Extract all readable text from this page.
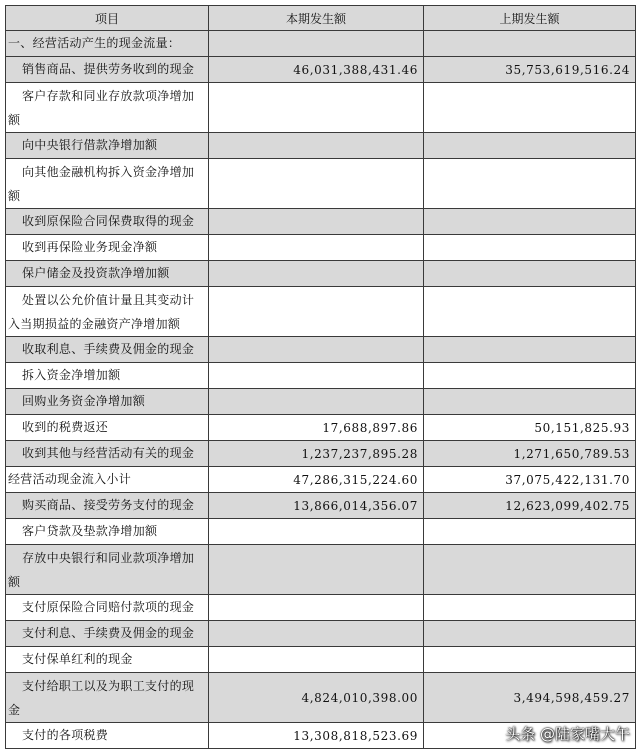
项目	本期发生额	上期发生额
一、经营活动产生的现金流量：		
销售商品、提供劳务收到的现金	46,031,388,431.46	35,753,619,516.24
客户存款和同业存放款项净增加额		
向中央银行借款净增加额		
向其他金融机构拆入资金净增加额		
收到原保险合同保费取得的现金		
收到再保险业务现金净额		
保户储金及投资款净增加额		
处置以公允价值计量且其变动计入当期损益的金融资产净增加额		
收取利息、手续费及佣金的现金		
拆入资金净增加额		
回购业务资金净增加额		
收到的税费返还	17,688,897.86	50,151,825.93
收到其他与经营活动有关的现金	1,237,237,895.28	1,271,650,789.53
经营活动现金流入小计	47,286,315,224.60	37,075,422,131.70
购买商品、接受劳务支付的现金	13,866,014,356.07	12,623,099,402.75
客户贷款及垫款净增加额		
存放中央银行和同业款项净增加额		
支付原保险合同赔付款项的现金		
支付利息、手续费及佣金的现金		
支付保单红利的现金		
支付给职工以及为职工支付的现金	4,824,010,398.00	3,494,598,459.27
支付的各项税费	13,308,818,523.69		头条 @陆家嘴大午
